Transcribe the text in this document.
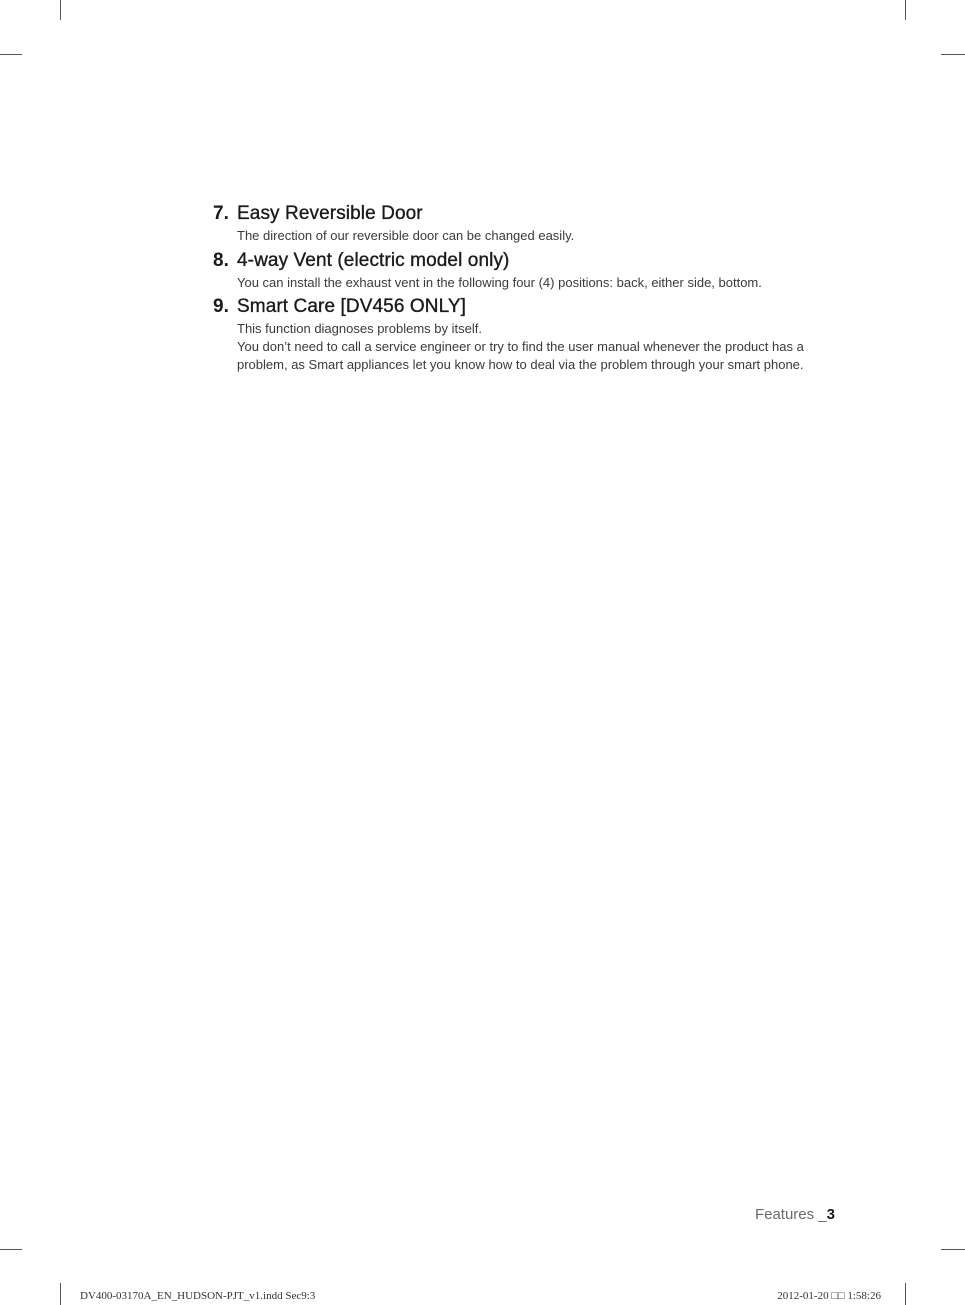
7. Easy Reversible Door

The direction of our reversible door can be changed easily.

8. 4-way Vent (electric model only)

You can install the exhaust vent in the following four (4) positions: back, either side, bottom.

9. Smart Care [DV456 ONLY]

This function diagnoses problems by itself.

You don’t need to call a service engineer or try to find the user manual whenever the product has a problem, as Smart appliances let you know how to deal via the problem through your smart phone.

Features _3
DV400-03170A_EN_HUDSON-PJT_v1.indd Sec9:3	2012-01-20 □□ 1:58:26
